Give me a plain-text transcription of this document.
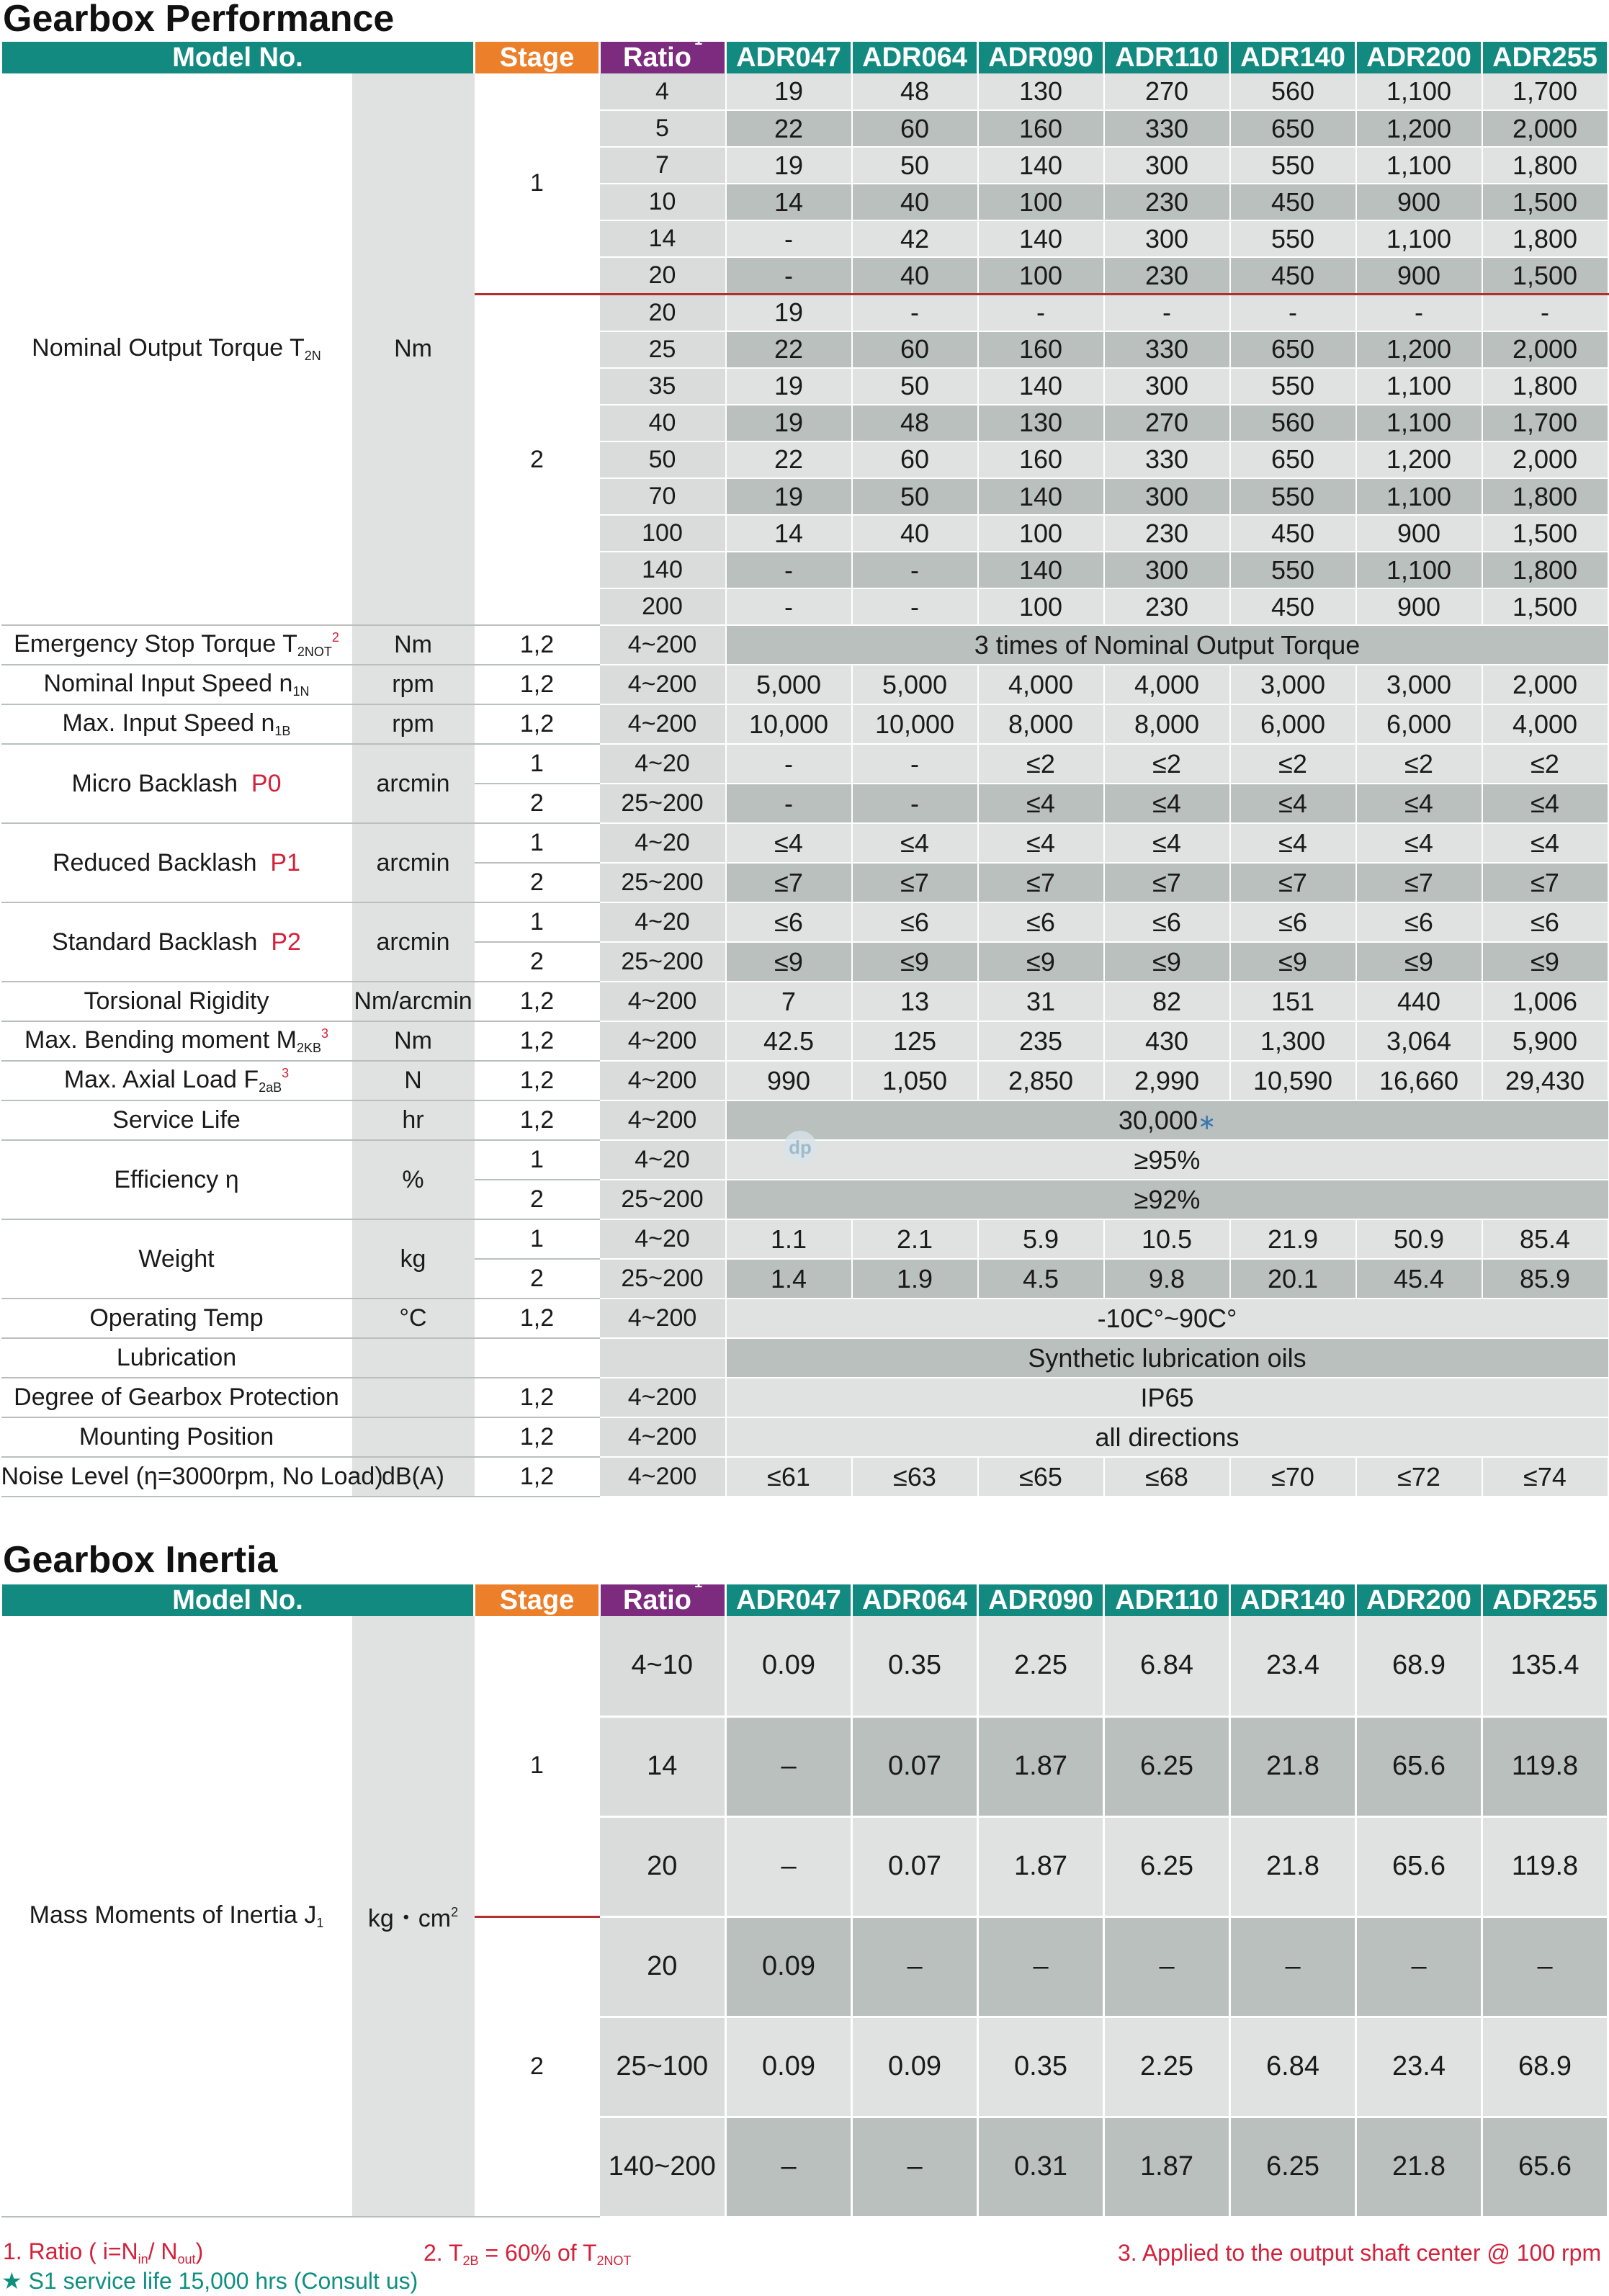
Gearbox Performance
Model No.		Stage	Ratio$^1$	ADR047	ADR064	ADR090	ADR110	ADR140	ADR200	ADR255
Nominal Output Torque $T_{2N}$	Nm	1	4	19	48	130	270	560	1,100	1,700
			5	22	60	160	330	650	1,200	2,000
			7	19	50	140	300	550	1,100	1,800
			10	14	40	100	230	450	900	1,500
			14	-	42	140	300	550	1,100	1,800
			20	-	40	100	230	450	900	1,500
		2	20	19	-	-	-	-	-	-
			25	22	60	160	330	650	1,200	2,000
			35	19	50	140	300	550	1,100	1,800
			40	19	48	130	270	560	1,100	1,700
			50	22	60	160	330	650	1,200	2,000
			70	19	50	140	300	550	1,100	1,800
			100	14	40	100	230	450	900	1,500
			140	-	-	140	300	550	1,100	1,800
			200	-	-	100	230	450	900	1,500
Emergency Stop Torque $T_{2NOT}^2$	Nm	1,2	4~200	3 times of Nominal Output Torque						
Nominal Input Speed $n_{1N}$	rpm	1,2	4~200	5,000	5,000	4,000	4,000	3,000	3,000	2,000
Max. Input Speed $n_{1B}$	rpm	1,2	4~200	10,000	10,000	8,000	8,000	6,000	6,000	4,000
Micro Backlash P0	arcmin	1	4~20	-	-	≤2	≤2	≤2	≤2	≤2
		2	25~200	-	-	≤4	≤4	≤4	≤4	≤4
Reduced Backlash P1	arcmin	1	4~20	≤4	≤4	≤4	≤4	≤4	≤4	≤4
		2	25~200	≤7	≤7	≤7	≤7	≤7	≤7	≤7
Standard Backlash P2	arcmin	1	4~20	≤6	≤6	≤6	≤6	≤6	≤6	≤6
		2	25~200	≤9	≤9	≤9	≤9	≤9	≤9	≤9
Torsional Rigidity	Nm/arcmin	1,2	4~200	7	13	31	82	151	440	1,006
Max. Bending moment $M_{2KB}^3$	Nm	1,2	4~200	42.5	125	235	430	1,300	3,064	5,900
Max. Axial Load $F_{2aB}^3$	N	1,2	4~200	990	1,050	2,850	2,990	10,590	16,660	29,430
Service Life	hr	1,2	4~200	30,000∗						
Efficiency η	%	1	4~20	≥95%						
		2	25~200	≥92%						
Weight	kg	1	4~20	1.1	2.1	5.9	10.5	21.9	50.9	85.4
		2	25~200	1.4	1.9	4.5	9.8	20.1	45.4	85.9
Operating Temp	°C	1,2	4~200	-10C°~90C°						
Lubrication				Synthetic lubrication oils						
Degree of Gearbox Protection		1,2	4~200	IP65						
Mounting Position		1,2	4~200	all directions						
Noise Level (η=3000rpm, No Load)	dB(A)	1,2	4~200	≤61	≤63	≤65	≤68	≤70	≤72	≤74
Gearbox Inertia
Model No.		Stage	Ratio$^1$	ADR047	ADR064	ADR090	ADR110	ADR140	ADR200	ADR255
Mass Moments of Inertia $J_1$	kg・$cm^2$	1	4~10	0.09	0.35	2.25	6.84	23.4	68.9	135.4
			14	–	0.07	1.87	6.25	21.8	65.6	119.8
			20	–	0.07	1.87	6.25	21.8	65.6	119.8
		2	20	0.09	–	–	–	–	–	–
			25~100	0.09	0.09	0.35	2.25	6.84	23.4	68.9
			140~200	–	–	0.31	1.87	6.25	21.8	65.6
dp
1. Ratio ( $i=N_{in}/$ $N_{out}$)	2. $T_{2B} = 60\%$ of $T_{2NOT}$	3. Applied to the output shaft center @ 100 rpm
★ S1 service life 15,000 hrs (Consult us)
